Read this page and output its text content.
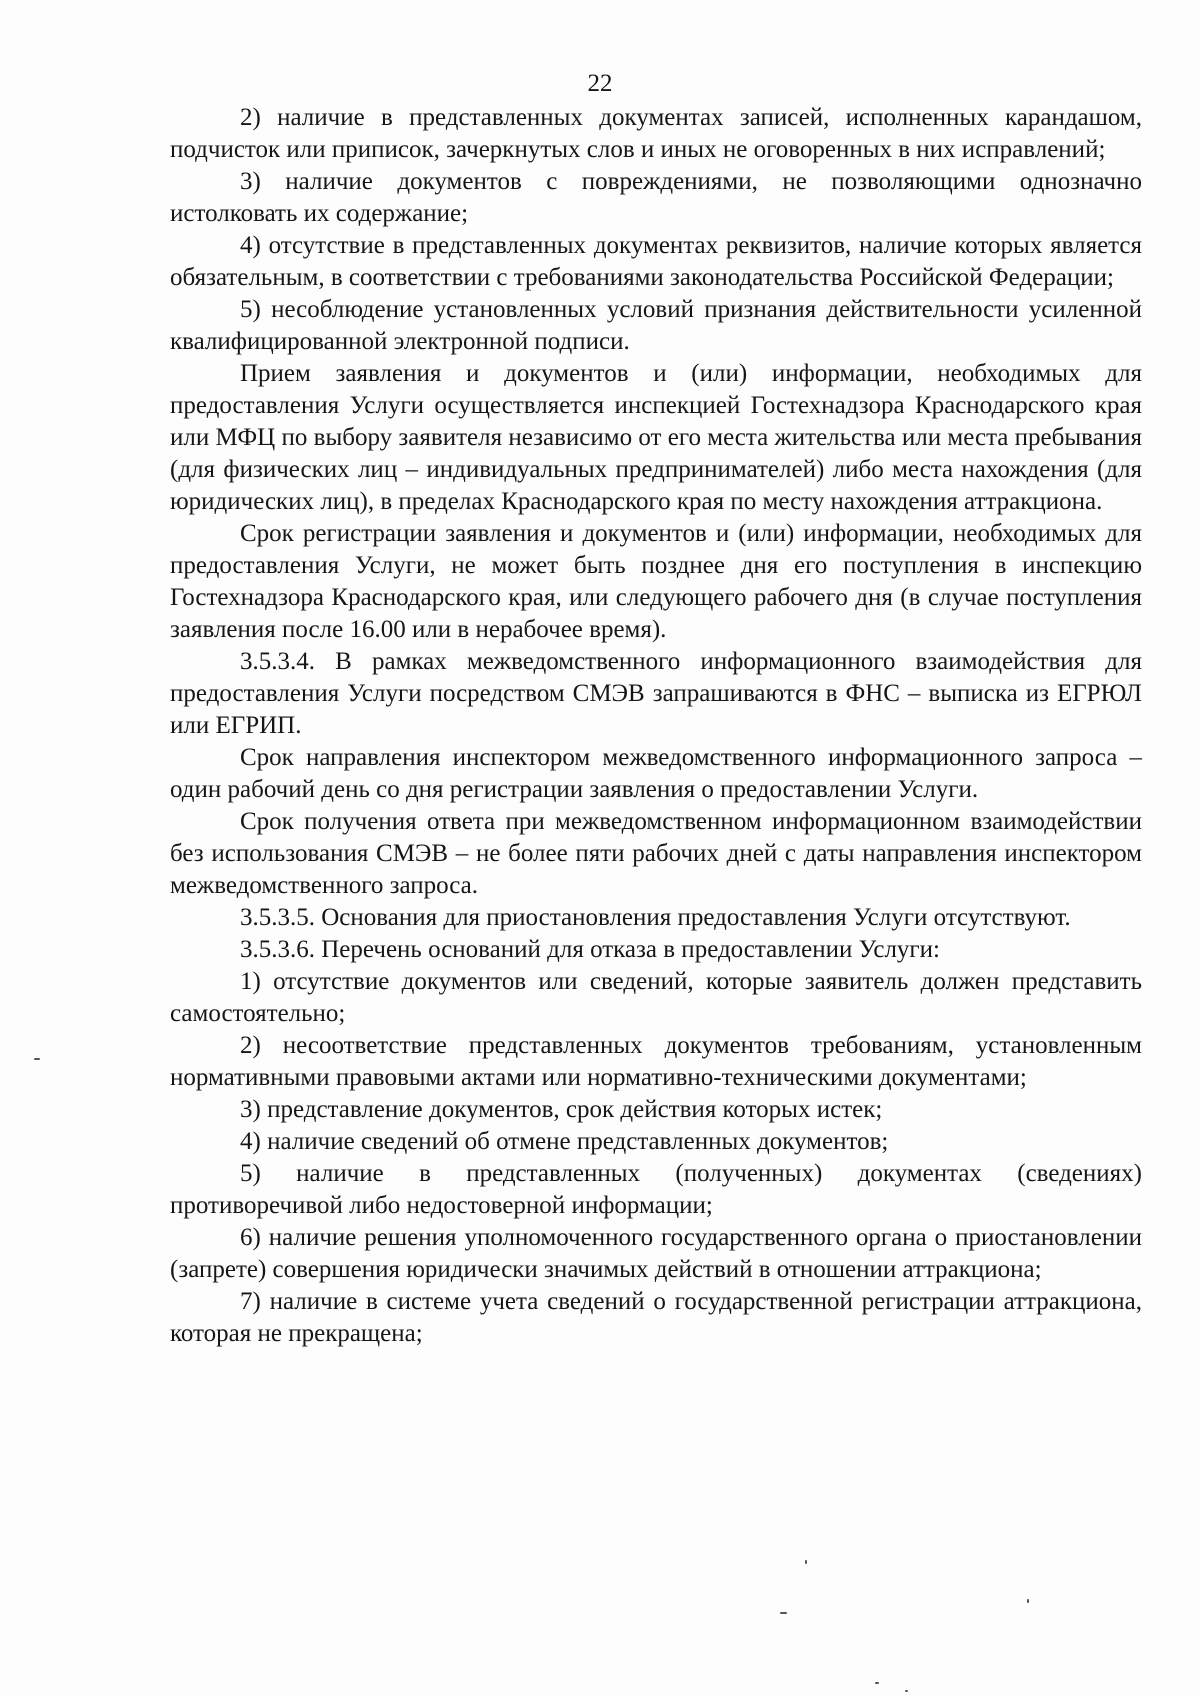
22

2) наличие в представленных документах записей, исполненных карандашом, подчисток или приписок, зачеркнутых слов и иных не оговоренных в них исправлений;

3) наличие документов с повреждениями, не позволяющими однозначно истолковать их содержание;

4) отсутствие в представленных документах реквизитов, наличие которых является обязательным, в соответствии с требованиями законодательства Российской Федерации;

5) несоблюдение установленных условий признания действительности усиленной квалифицированной электронной подписи.

Прием заявления и документов и (или) информации, необходимых для предоставления Услуги осуществляется инспекцией Гостехнадзора Краснодарского края или МФЦ по выбору заявителя независимо от его места жительства или места пребывания (для физических лиц – индивидуальных предпринимателей) либо места нахождения (для юридических лиц), в пределах Краснодарского края по месту нахождения аттракциона.

Срок регистрации заявления и документов и (или) информации, необходимых для предоставления Услуги, не может быть позднее дня его поступления в инспекцию Гостехнадзора Краснодарского края, или следующего рабочего дня (в случае поступления заявления после 16.00 или в нерабочее время).

3.5.3.4. В рамках межведомственного информационного взаимодействия для предоставления Услуги посредством СМЭВ запрашиваются в ФНС – выписка из ЕГРЮЛ или ЕГРИП.

Срок направления инспектором межведомственного информационного запроса – один рабочий день со дня регистрации заявления о предоставлении Услуги.

Срок получения ответа при межведомственном информационном взаимодействии без использования СМЭВ – не более пяти рабочих дней с даты направления инспектором межведомственного запроса.

3.5.3.5. Основания для приостановления предоставления Услуги отсутствуют.

3.5.3.6. Перечень оснований для отказа в предоставлении Услуги:

1) отсутствие документов или сведений, которые заявитель должен представить самостоятельно;

2) несоответствие представленных документов требованиям, установленным нормативными правовыми актами или нормативно-техническими документами;

3) представление документов, срок действия которых истек;

4) наличие сведений об отмене представленных документов;

5) наличие в представленных (полученных) документах (сведениях) противоречивой либо недостоверной информации;

6) наличие решения уполномоченного государственного органа о приостановлении (запрете) совершения юридически значимых действий в отношении аттракциона;

7) наличие в системе учета сведений о государственной регистрации аттракциона, которая не прекращена;
